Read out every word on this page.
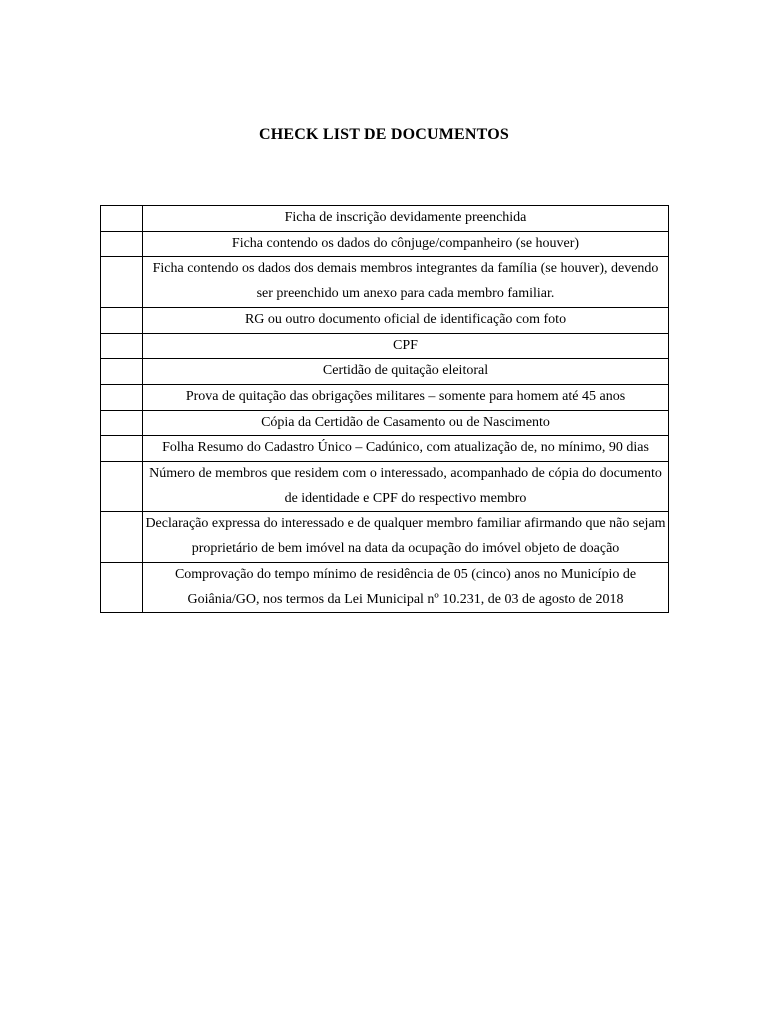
CHECK LIST DE DOCUMENTOS
	Ficha de inscrição devidamente preenchida
	Ficha contendo os dados do cônjuge/companheiro (se houver)
	Ficha contendo os dados dos demais membros integrantes da família (se houver), devendo ser preenchido um anexo para cada membro familiar.
	RG ou outro documento oficial de identificação com foto
	CPF
	Certidão de quitação eleitoral
	Prova de quitação das obrigações militares – somente para homem até 45 anos
	Cópia da Certidão de Casamento ou de Nascimento
	Folha Resumo do Cadastro Único – Cadúnico, com atualização de, no mínimo, 90 dias
	Número de membros que residem com o interessado, acompanhado de cópia do documento de identidade e CPF do respectivo membro
	Declaração expressa do interessado e de qualquer membro familiar afirmando que não sejam proprietário de bem imóvel na data da ocupação do imóvel objeto de doação
	Comprovação do tempo mínimo de residência de 05 (cinco) anos no Município de Goiânia/GO, nos termos da Lei Municipal nº 10.231, de 03 de agosto de 2018
